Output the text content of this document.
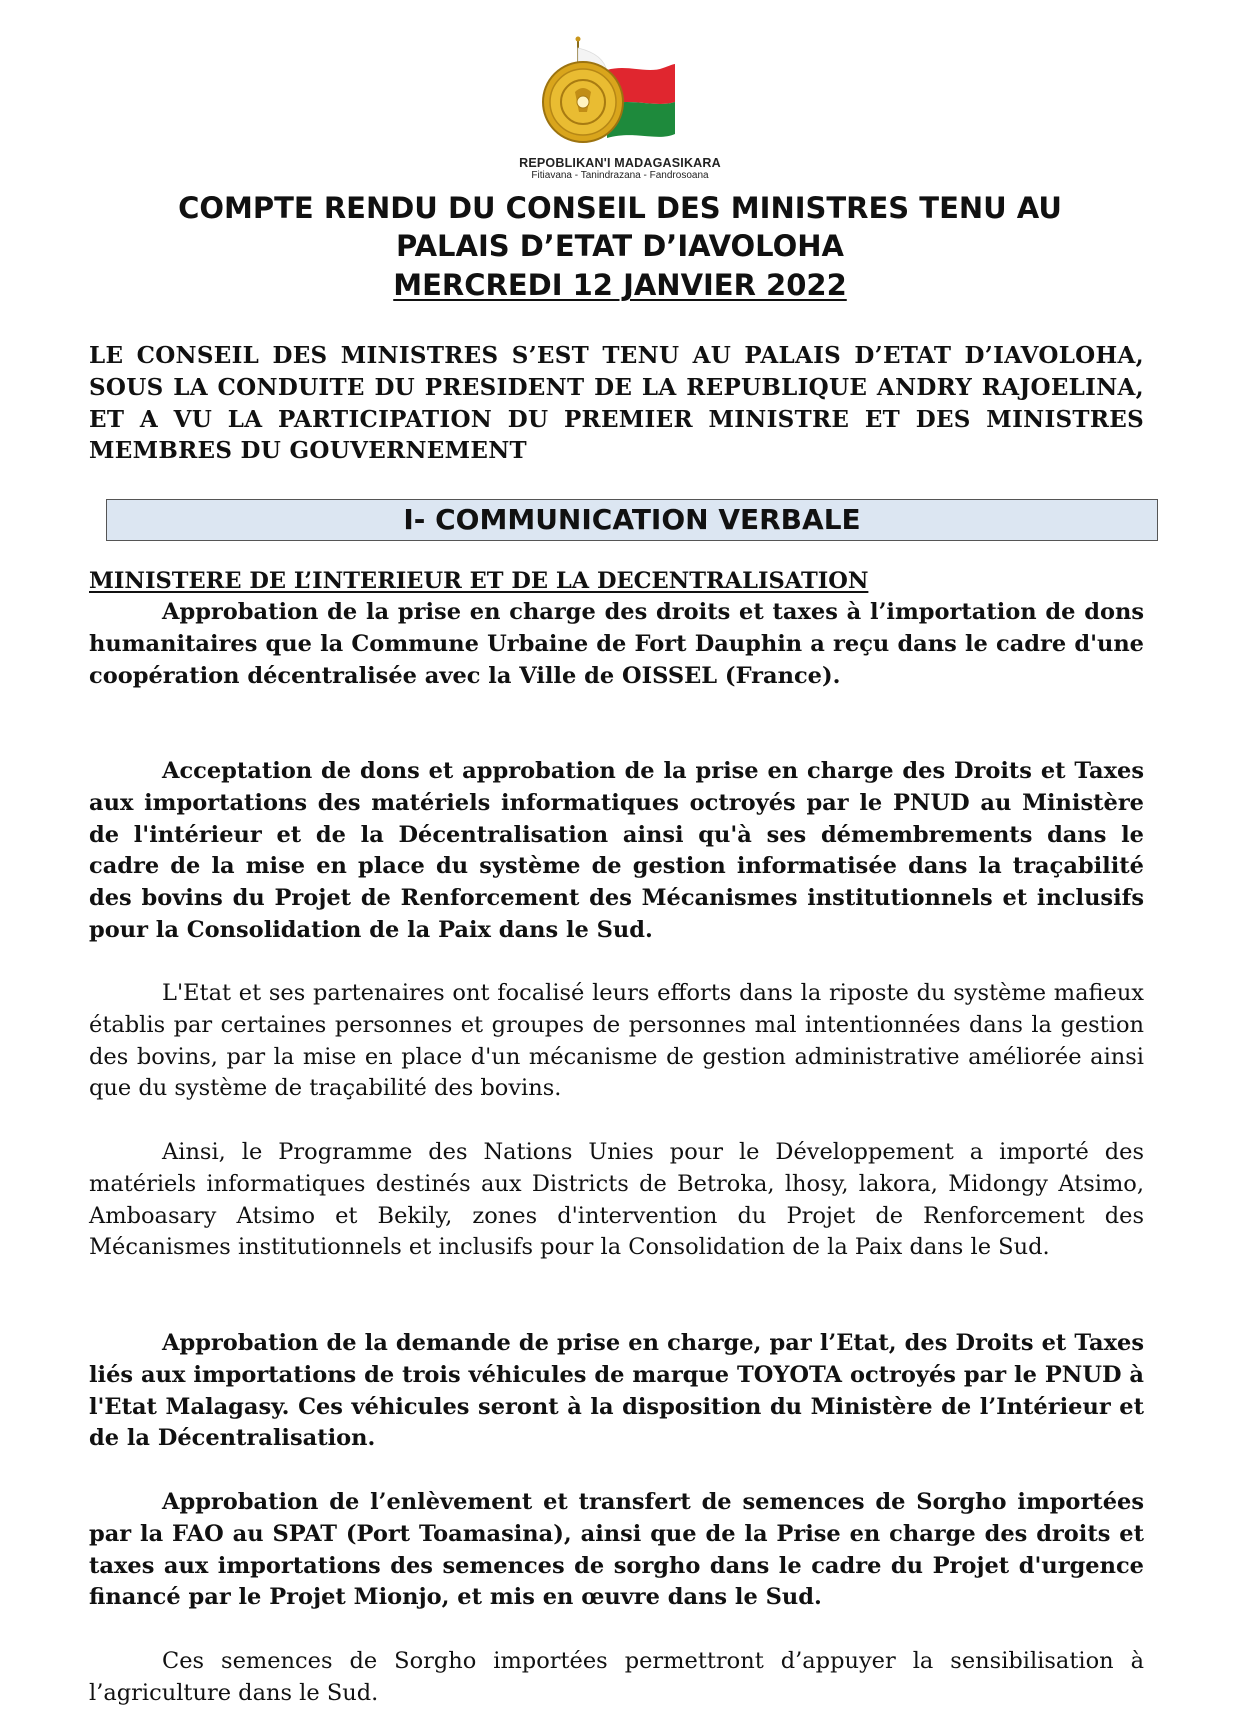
REPOBLIKAN'I MADAGASIKARA
Fitiavana - Tanindrazana - Fandrosoana
COMPTE RENDU DU CONSEIL DES MINISTRES TENU AU
PALAIS D’ETAT D’IAVOLOHA
MERCREDI 12 JANVIER 2022

LE CONSEIL DES MINISTRES S’EST TENU AU PALAIS D’ETAT D’IAVOLOHA, SOUS LA CONDUITE DU PRESIDENT DE LA REPUBLIQUE ANDRY RAJOELINA, ET A VU LA PARTICIPATION DU PREMIER MINISTRE ET DES MINISTRES MEMBRES DU GOUVERNEMENT

I- COMMUNICATION VERBALE

MINISTERE DE L’INTERIEUR ET DE LA DECENTRALISATION

Approbation de la prise en charge des droits et taxes à l’importation de dons humanitaires que la Commune Urbaine de Fort Dauphin a reçu dans le cadre d'une coopération décentralisée avec la Ville de OISSEL (France).

Acceptation de dons et approbation de la prise en charge des Droits et Taxes aux importations des matériels informatiques octroyés par le PNUD au Ministère de l'intérieur et de la Décentralisation ainsi qu'à ses démembrements dans le cadre de la mise en place du système de gestion informatisée dans la traçabilité des bovins du Projet de Renforcement des Mécanismes institutionnels et inclusifs pour la Consolidation de la Paix dans le Sud.

L'Etat et ses partenaires ont focalisé leurs efforts dans la riposte du système mafieux établis par certaines personnes et groupes de personnes mal intentionnées dans la gestion des bovins, par la mise en place d'un mécanisme de gestion administrative améliorée ainsi que du système de traçabilité des bovins.

Ainsi, le Programme des Nations Unies pour le Développement a importé des matériels informatiques destinés aux Districts de Betroka, lhosy, lakora, Midongy Atsimo, Amboasary Atsimo et Bekily, zones d'intervention du Projet de Renforcement des Mécanismes institutionnels et inclusifs pour la Consolidation de la Paix dans le Sud.

Approbation de la demande de prise en charge, par l’Etat, des Droits et Taxes liés aux importations de trois véhicules de marque TOYOTA octroyés par le PNUD à l'Etat Malagasy. Ces véhicules seront à la disposition du Ministère de l’Intérieur et de la Décentralisation.

Approbation de l’enlèvement et transfert de semences de Sorgho importées par la FAO au SPAT (Port Toamasina), ainsi que de la Prise en charge des droits et taxes aux importations des semences de sorgho dans le cadre du Projet d'urgence financé par le Projet Mionjo, et mis en œuvre dans le Sud.

Ces semences de Sorgho importées permettront d’appuyer la sensibilisation à l’agriculture dans le Sud.
